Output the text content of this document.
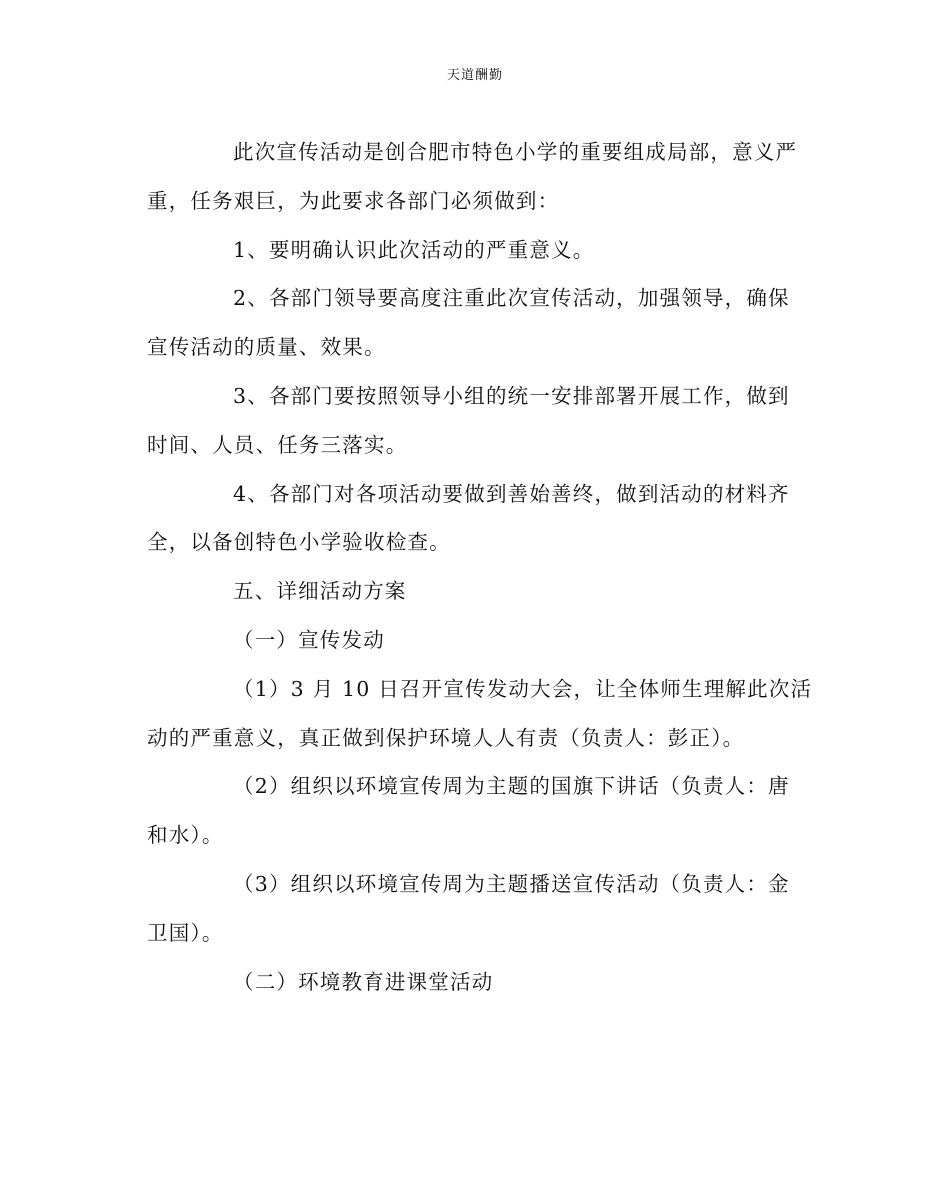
天道酬勤
此次宣传活动是创合肥市特色小学的重要组成局部，意义严
重，任务艰巨，为此要求各部门必须做到：
1、要明确认识此次活动的严重意义。
2、各部门领导要高度注重此次宣传活动，加强领导，确保
宣传活动的质量、效果。
3、各部门要按照领导小组的统一安排部署开展工作，做到
时间、人员、任务三落实。
4、各部门对各项活动要做到善始善终，做到活动的材料齐
全，以备创特色小学验收检查。
五、详细活动方案
（一）宣传发动
（1）3 月 10 日召开宣传发动大会，让全体师生理解此次活
动的严重意义，真正做到保护环境人人有责（负责人：彭正）。
（2）组织以环境宣传周为主题的国旗下讲话（负责人：唐
和水）。
（3）组织以环境宣传周为主题播送宣传活动（负责人：金
卫国）。
（二）环境教育进课堂活动
